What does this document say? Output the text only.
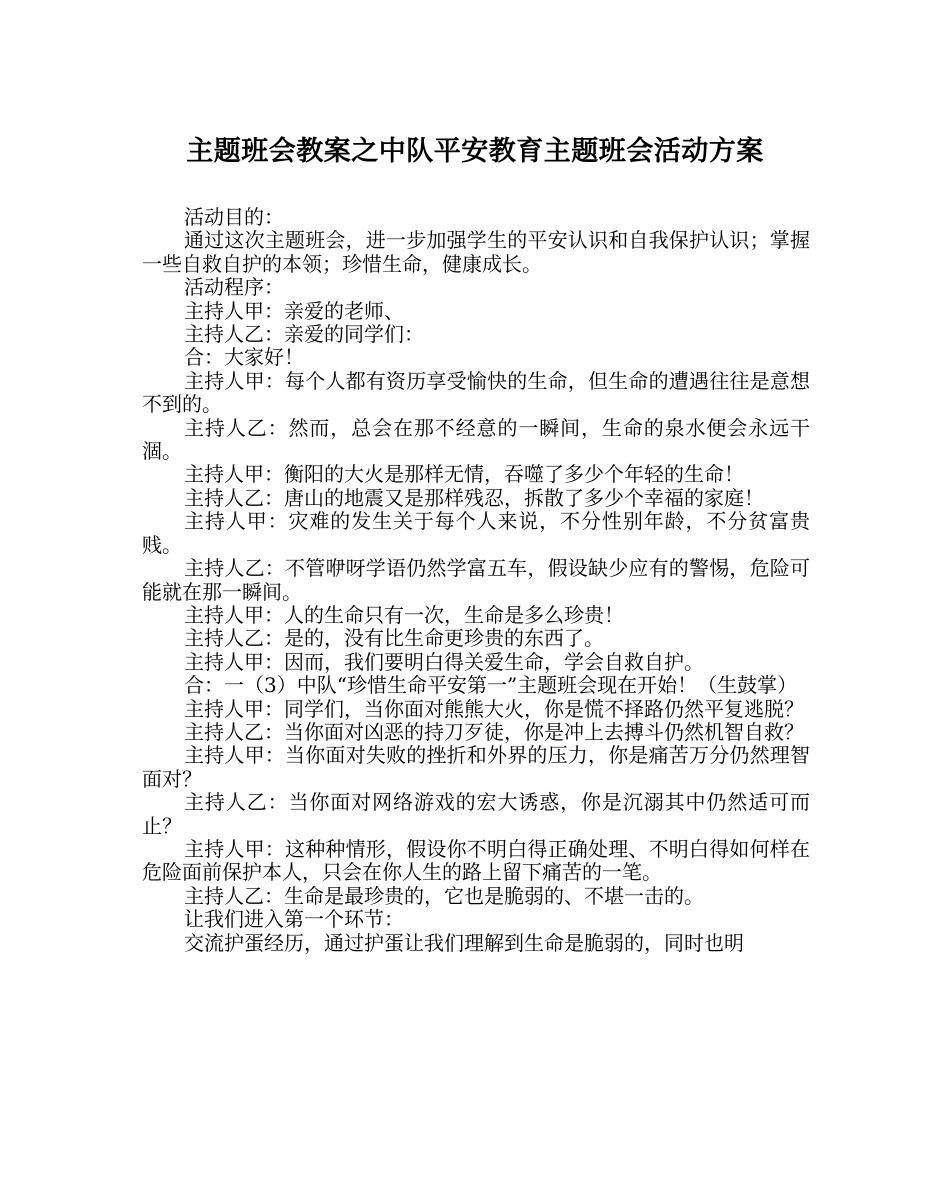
主题班会教案之中队平安教育主题班会活动方案

活动目的：

通过这次主题班会，进一步加强学生的平安认识和自我保护认识；掌握一些自救自护的本领；珍惜生命，健康成长。

活动程序：

主持人甲：亲爱的老师、

主持人乙：亲爱的同学们：

合：大家好！

主持人甲：每个人都有资历享受愉快的生命，但生命的遭遇往往是意想不到的。

主持人乙：然而，总会在那不经意的一瞬间，生命的泉水便会永远干涸。

主持人甲：衡阳的大火是那样无情，吞噬了多少个年轻的生命！

主持人乙：唐山的地震又是那样残忍，拆散了多少个幸福的家庭！

主持人甲：灾难的发生关于每个人来说，不分性别年龄，不分贫富贵贱。

主持人乙：不管咿呀学语仍然学富五车，假设缺少应有的警惕，危险可能就在那一瞬间。

主持人甲：人的生命只有一次，生命是多么珍贵！

主持人乙：是的，没有比生命更珍贵的东西了。

主持人甲：因而，我们要明白得关爱生命，学会自救自护。

合：一（3）中队“珍惜生命平安第一”主题班会现在开始！（生鼓掌）

主持人甲：同学们，当你面对熊熊大火，你是慌不择路仍然平复逃脱？

主持人乙：当你面对凶恶的持刀歹徒，你是冲上去搏斗仍然机智自救？

主持人甲：当你面对失败的挫折和外界的压力，你是痛苦万分仍然理智面对？

主持人乙：当你面对网络游戏的宏大诱惑，你是沉溺其中仍然适可而止？

主持人甲：这种种情形，假设你不明白得正确处理、不明白得如何样在危险面前保护本人，只会在你人生的路上留下痛苦的一笔。

主持人乙：生命是最珍贵的，它也是脆弱的、不堪一击的。

让我们进入第一个环节：

交流护蛋经历，通过护蛋让我们理解到生命是脆弱的，同时也明
